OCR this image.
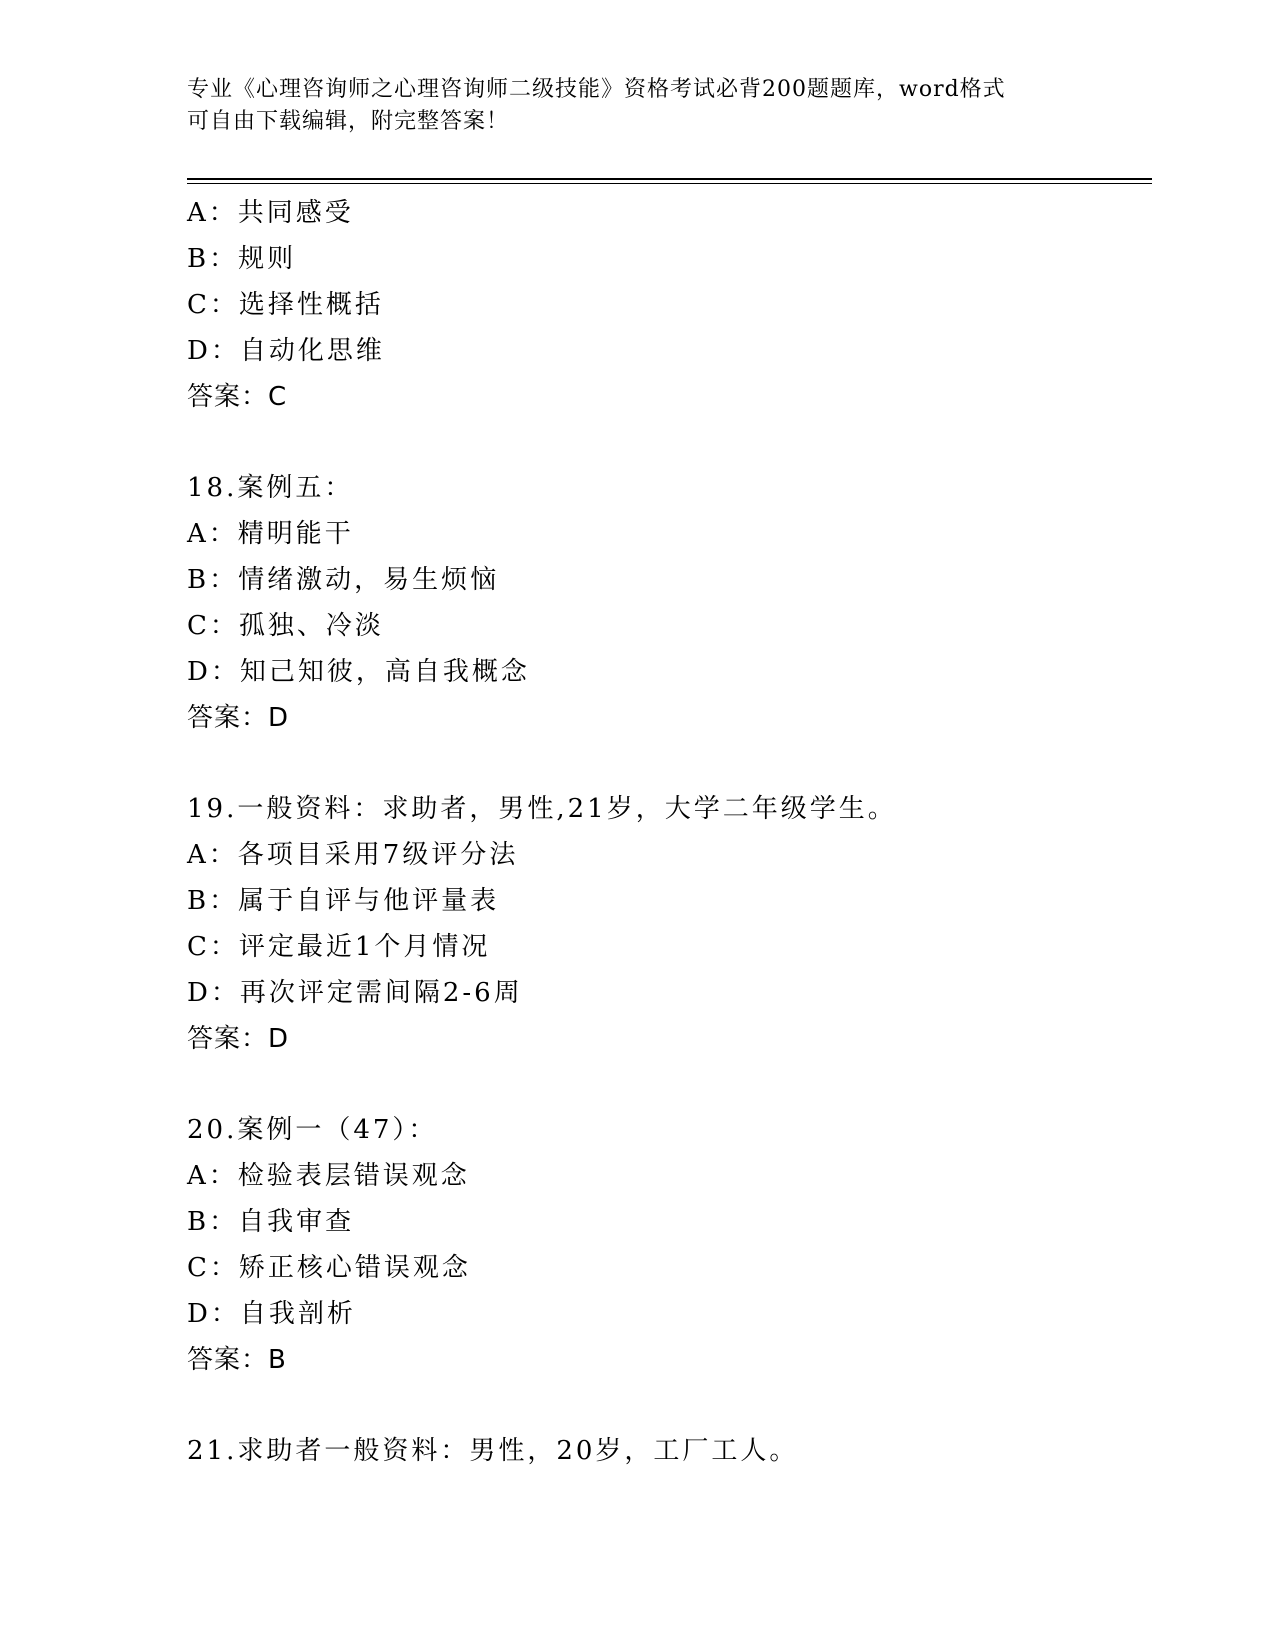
专业《心理咨询师之心理咨询师二级技能》资格考试必背200题题库，word格式
可自由下载编辑，附完整答案！
A：共同感受
B：规则
C：选择性概括
D：自动化思维
答案：C
18.案例五：
A：精明能干
B：情绪激动，易生烦恼
C：孤独、冷淡
D：知己知彼，高自我概念
答案：D
19.一般资料：求助者，男性,21岁，大学二年级学生。
A：各项目采用7级评分法
B：属于自评与他评量表
C：评定最近1个月情况
D：再次评定需间隔2-6周
答案：D
20.案例一（47）：
A：检验表层错误观念
B：自我审查
C：矫正核心错误观念
D：自我剖析
答案：B
21.求助者一般资料：男性，20岁，工厂工人。
